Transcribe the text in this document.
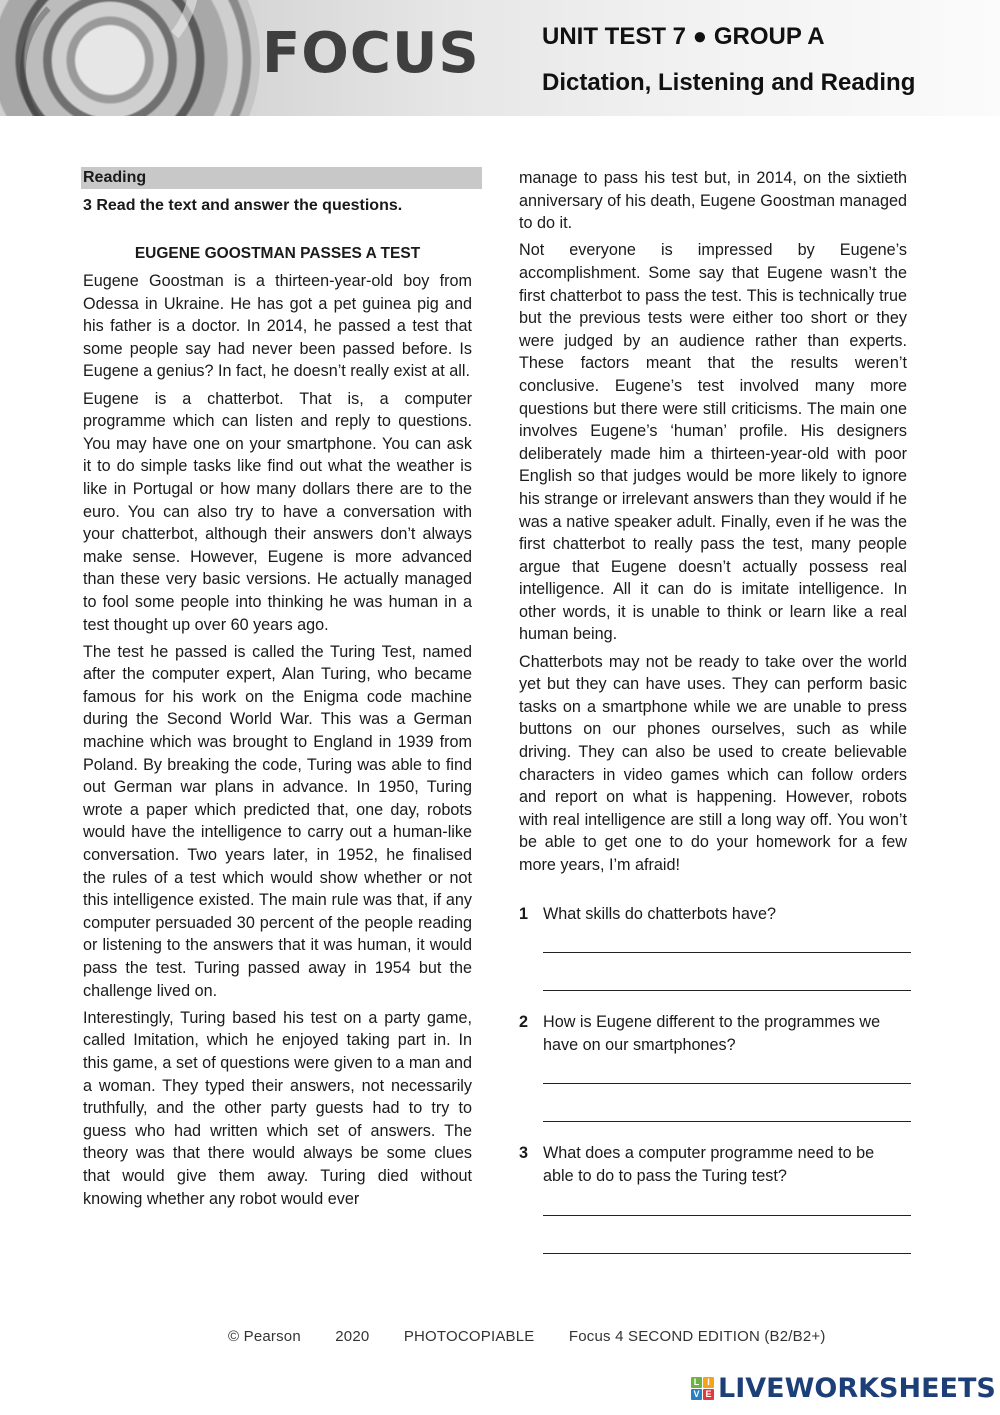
FOCUS	UNIT TEST 7 ● GROUP A
Dictation, Listening and Reading
Reading
3 Read the text and answer the questions.
EUGENE GOOSTMAN PASSES A TEST

Eugene Goostman is a thirteen-year-old boy from Odessa in Ukraine. He has got a pet guinea pig and his father is a doctor. In 2014, he passed a test that some people say had never been passed before. Is Eugene a genius? In fact, he doesn’t really exist at all.

Eugene is a chatterbot. That is, a computer programme which can listen and reply to questions. You may have one on your smartphone. You can ask it to do simple tasks like find out what the weather is like in Portugal or how many dollars there are to the euro. You can also try to have a conversation with your chatterbot, although their answers don’t always make sense. However, Eugene is more advanced than these very basic versions. He actually managed to fool some people into thinking he was human in a test thought up over 60 years ago.

The test he passed is called the Turing Test, named after the computer expert, Alan Turing, who became famous for his work on the Enigma code machine during the Second World War. This was a German machine which was brought to England in 1939 from Poland. By breaking the code, Turing was able to find out German war plans in advance. In 1950, Turing wrote a paper which predicted that, one day, robots would have the intelligence to carry out a human-like conversation. Two years later, in 1952, he finalised the rules of a test which would show whether or not this intelligence existed. The main rule was that, if any computer persuaded 30 percent of the people reading or listening to the answers that it was human, it would pass the test. Turing passed away in 1954 but the challenge lived on.

Interestingly, Turing based his test on a party game, called Imitation, which he enjoyed taking part in. In this game, a set of questions were given to a man and a woman. They typed their answers, not necessarily truthfully, and the other party guests had to try to guess who had written which set of answers. The theory was that there would always be some clues that would give them away. Turing died without knowing whether any robot would ever

manage to pass his test but, in 2014, on the sixtieth anniversary of his death, Eugene Goostman managed to do it.

Not everyone is impressed by Eugene’s accomplishment. Some say that Eugene wasn’t the first chatterbot to pass the test. This is technically true but the previous tests were either too short or they were judged by an audience rather than experts. These factors meant that the results weren’t conclusive. Eugene’s test involved many more questions but there were still criticisms. The main one involves Eugene’s ‘human’ profile. His designers deliberately made him a thirteen-year-old with poor English so that judges would be more likely to ignore his strange or irrelevant answers than they would if he was a native speaker adult. Finally, even if he was the first chatterbot to really pass the test, many people argue that Eugene doesn’t actually possess real intelligence. All it can do is imitate intelligence. In other words, it is unable to think or learn like a real human being.

Chatterbots may not be ready to take over the world yet but they can have uses. They can perform basic tasks on a smartphone while we are unable to press buttons on our phones ourselves, such as while driving. They can also be used to create believable characters in video games which can follow orders and report on what is happening. However, robots with real intelligence are still a long way off. You won’t be able to get one to do your homework for a few more years, I’m afraid!

1 What skills do chatterbots have?
2 How is Eugene different to the programmes we have on our smartphones?
3 What does a computer programme need to be able to do to pass the Turing test?
© Pearson 2020 PHOTOCOPIABLE Focus 4 SECOND EDITION (B2/B2+)
L I
V E LIVEWORKSHEETS
